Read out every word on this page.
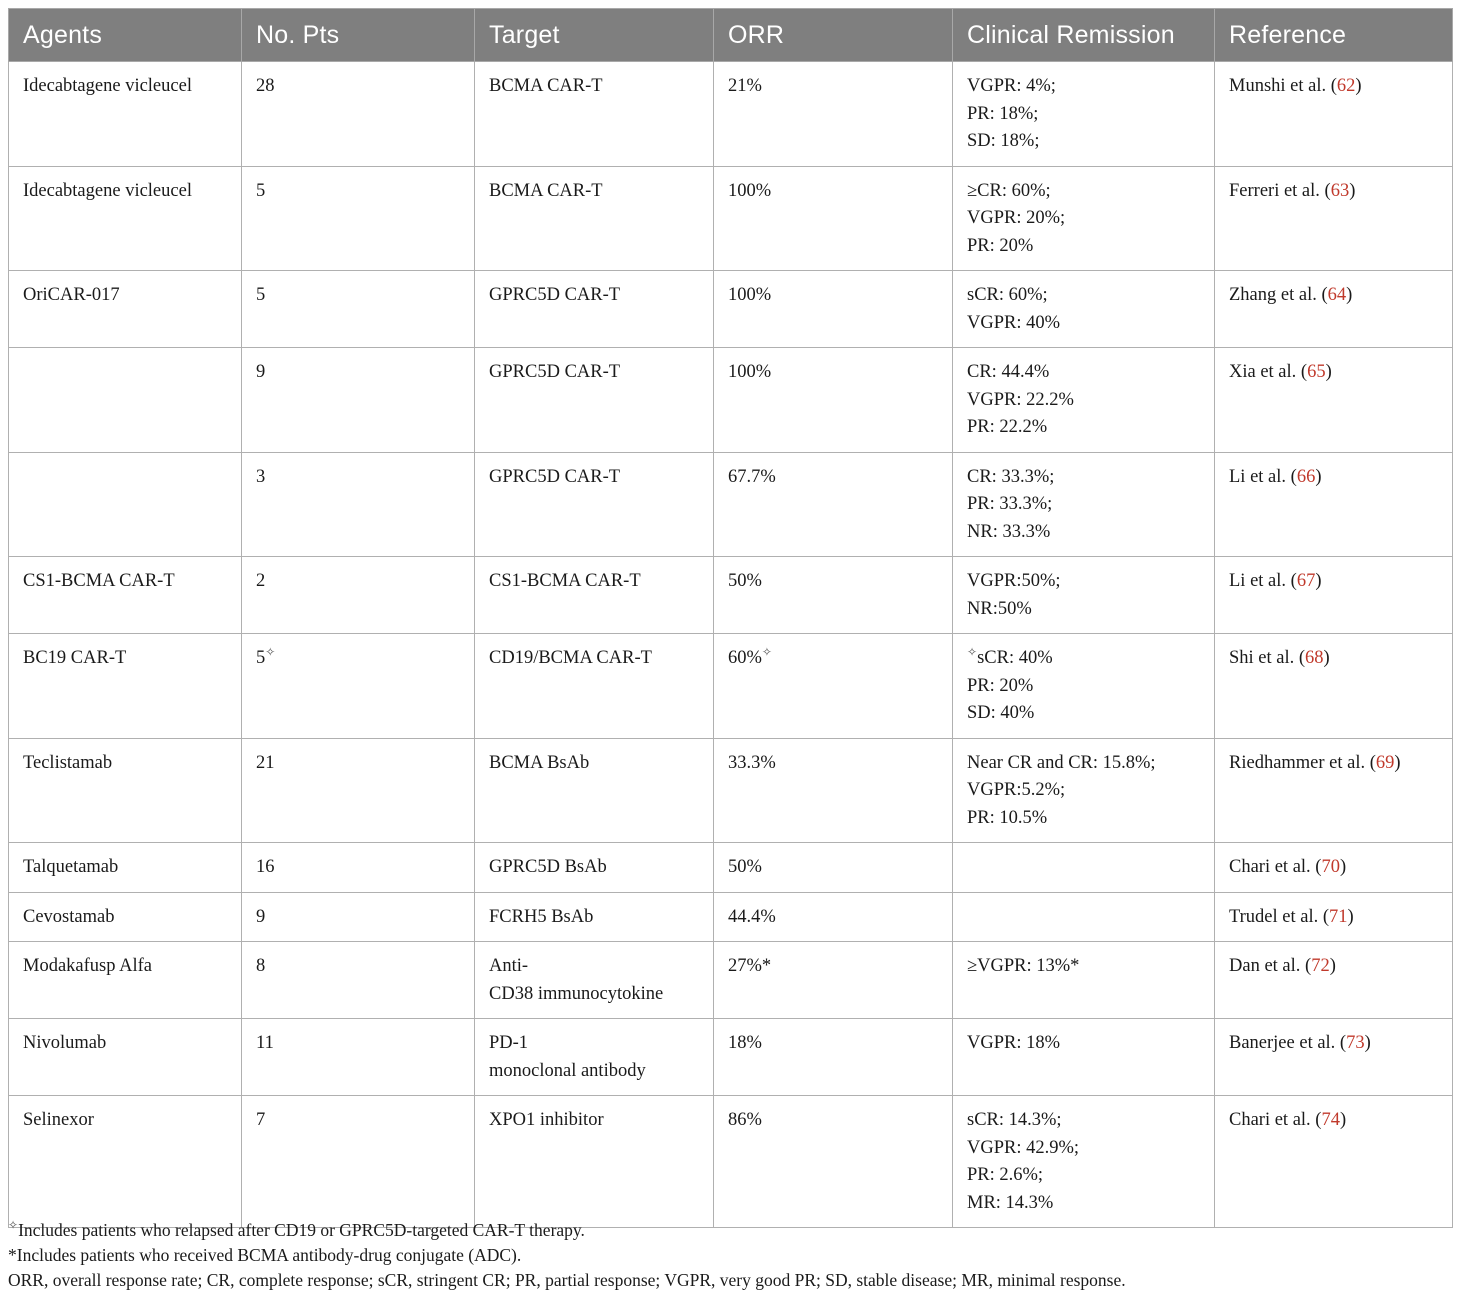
Agents	No. Pts	Target	ORR	Clinical Remission	Reference
Idecabtagene vicleucel	28	BCMA CAR-T	21%	VGPR: 4%;
PR: 18%;
SD: 18%;	Munshi et al. (62)
Idecabtagene vicleucel	5	BCMA CAR-T	100%	≥CR: 60%;
VGPR: 20%;
PR: 20%	Ferreri et al. (63)
OriCAR-017	5	GPRC5D CAR-T	100%	sCR: 60%;
VGPR: 40%	Zhang et al. (64)
	9	GPRC5D CAR-T	100%	CR: 44.4%
VGPR: 22.2%
PR: 22.2%	Xia et al. (65)
	3	GPRC5D CAR-T	67.7%	CR: 33.3%;
PR: 33.3%;
NR: 33.3%	Li et al. (66)
CS1-BCMA CAR-T	2	CS1-BCMA CAR-T	50%	VGPR:50%;
NR:50%	Li et al. (67)
BC19 CAR-T	5✧	CD19/BCMA CAR-T	60%✧	✧sCR: 40%
PR: 20%
SD: 40%	Shi et al. (68)
Teclistamab	21	BCMA BsAb	33.3%	Near CR and CR: 15.8%;
VGPR:5.2%;
PR: 10.5%	Riedhammer et al. (69)
Talquetamab	16	GPRC5D BsAb	50%		Chari et al. (70)
Cevostamab	9	FCRH5 BsAb	44.4%		Trudel et al. (71)
Modakafusp Alfa	8	Anti-
CD38 immunocytokine	27%*	≥VGPR: 13%*	Dan et al. (72)
Nivolumab	11	PD-1
monoclonal antibody	18%	VGPR: 18%	Banerjee et al. (73)
Selinexor	7	XPO1 inhibitor	86%	sCR: 14.3%;
VGPR: 42.9%;
PR: 2.6%;
MR: 14.3%	Chari et al. (74)
✧Includes patients who relapsed after CD19 or GPRC5D-targeted CAR-T therapy.
*Includes patients who received BCMA antibody-drug conjugate (ADC).
ORR, overall response rate; CR, complete response; sCR, stringent CR; PR, partial response; VGPR, very good PR; SD, stable disease; MR, minimal response.
